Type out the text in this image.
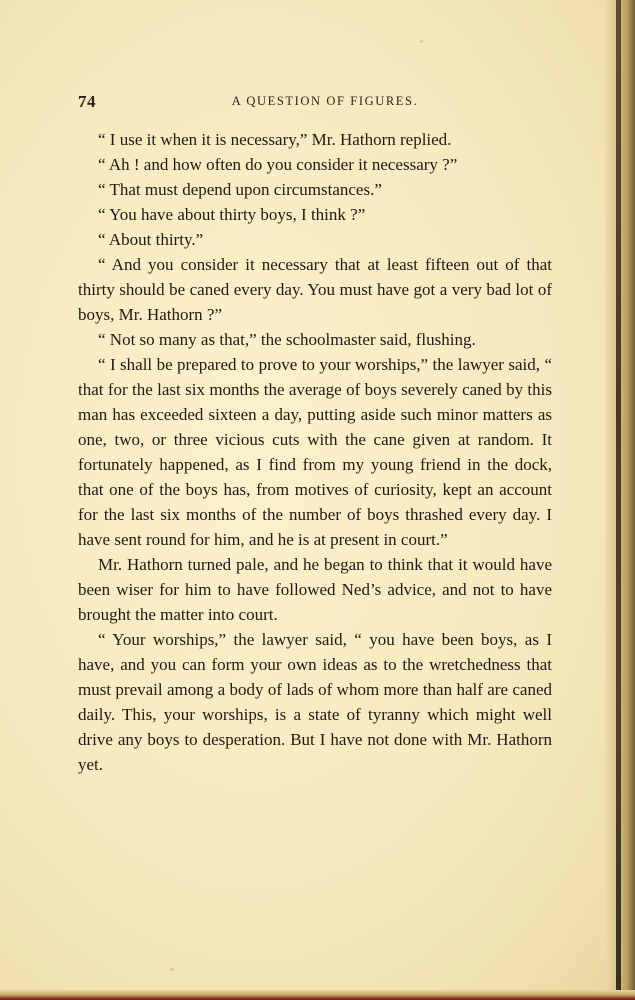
74	A QUESTION OF FIGURES.

“ I use it when it is necessary,” Mr. Hathorn replied.

“ Ah ! and how often do you consider it necessary ?”

“ That must depend upon circumstances.”

“ You have about thirty boys, I think ?”

“ About thirty.”

“ And you consider it necessary that at least fifteen out of that thirty should be caned every day. You must have got a very bad lot of boys, Mr. Hathorn ?”

“ Not so many as that,” the schoolmaster said, flushing.

“ I shall be prepared to prove to your worships,” the lawyer said, “ that for the last six months the average of boys severely caned by this man has exceeded sixteen a day, putting aside such minor matters as one, two, or three vicious cuts with the cane given at random. It fortunately happened, as I find from my young friend in the dock, that one of the boys has, from motives of curiosity, kept an account for the last six months of the number of boys thrashed every day. I have sent round for him, and he is at present in court.”

Mr. Hathorn turned pale, and he began to think that it would have been wiser for him to have followed Ned’s advice, and not to have brought the matter into court.

“ Your worships,” the lawyer said, “ you have been boys, as I have, and you can form your own ideas as to the wretchedness that must prevail among a body of lads of whom more than half are caned daily. This, your worships, is a state of tyranny which might well drive any boys to desperation. But I have not done with Mr. Hathorn yet.
